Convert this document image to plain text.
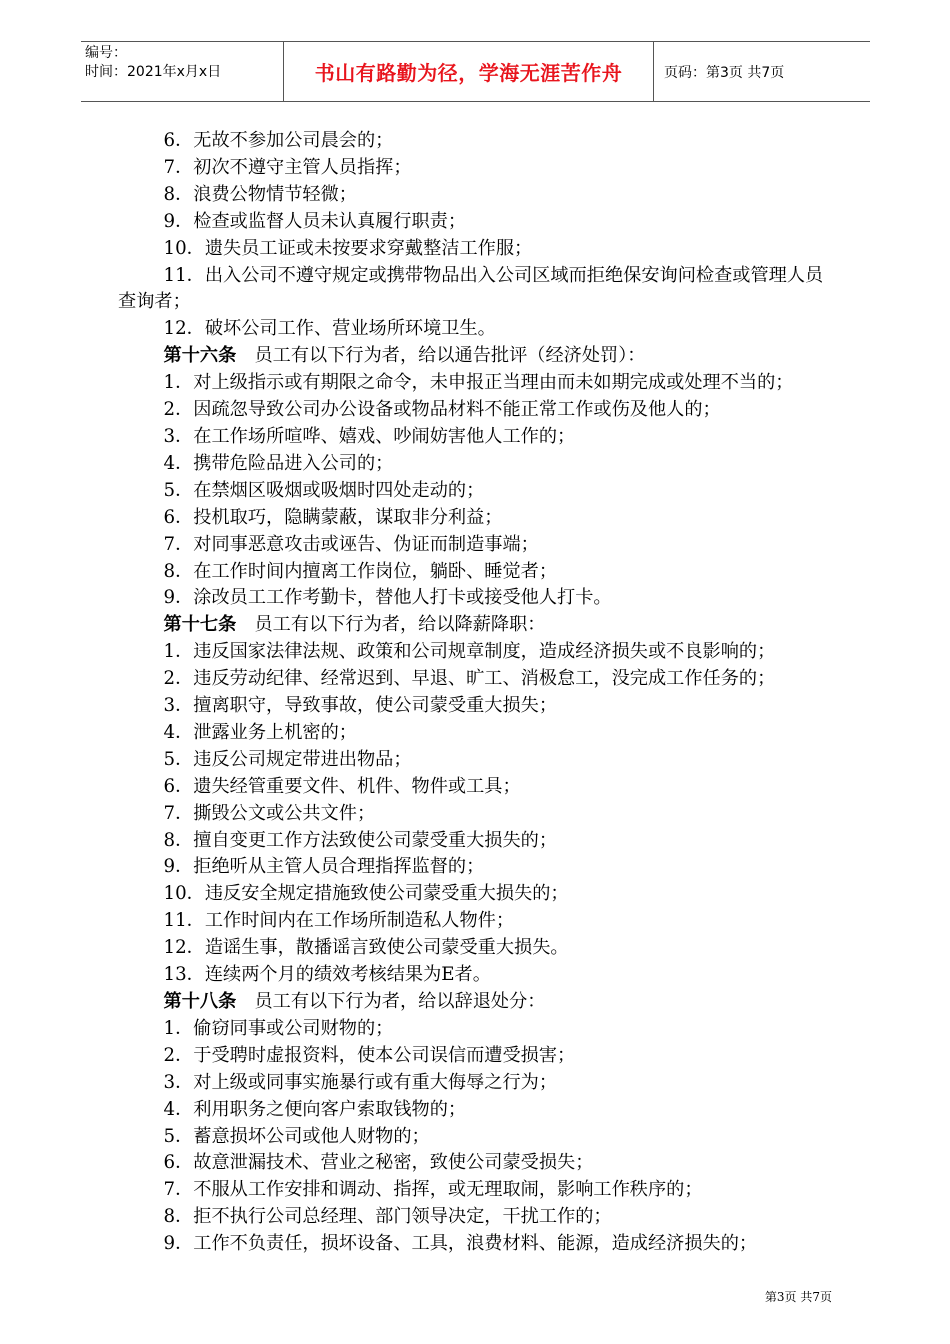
编号：
时间：2021年x月x日	书山有路勤为径，学海无涯苦作舟	页码：第3页 共7页

6．无故不参加公司晨会的；

7．初次不遵守主管人员指挥；

8．浪费公物情节轻微；

9．检查或监督人员未认真履行职责；

10．遗失员工证或未按要求穿戴整洁工作服；

11．出入公司不遵守规定或携带物品出入公司区域而拒绝保安询问检查或管理人员查询者；

12．破坏公司工作、营业场所环境卫生。

第十六条　员工有以下行为者，给以通告批评（经济处罚）：

1．对上级指示或有期限之命令，未申报正当理由而未如期完成或处理不当的；

2．因疏忽导致公司办公设备或物品材料不能正常工作或伤及他人的；

3．在工作场所喧哗、嬉戏、吵闹妨害他人工作的；

4．携带危险品进入公司的；

5．在禁烟区吸烟或吸烟时四处走动的；

6．投机取巧，隐瞒蒙蔽，谋取非分利益；

7．对同事恶意攻击或诬告、伪证而制造事端；

8．在工作时间内擅离工作岗位，躺卧、睡觉者；

9．涂改员工工作考勤卡，替他人打卡或接受他人打卡。

第十七条　员工有以下行为者，给以降薪降职：

1．违反国家法律法规、政策和公司规章制度，造成经济损失或不良影响的；

2．违反劳动纪律、经常迟到、早退、旷工、消极怠工，没完成工作任务的；

3．擅离职守，导致事故，使公司蒙受重大损失；

4．泄露业务上机密的；

5．违反公司规定带进出物品；

6．遗失经管重要文件、机件、物件或工具；

7．撕毁公文或公共文件；

8．擅自变更工作方法致使公司蒙受重大损失的；

9．拒绝听从主管人员合理指挥监督的；

10．违反安全规定措施致使公司蒙受重大损失的；

11．工作时间内在工作场所制造私人物件；

12．造谣生事，散播谣言致使公司蒙受重大损失。

13．连续两个月的绩效考核结果为E者。

第十八条　员工有以下行为者，给以辞退处分：

1．偷窃同事或公司财物的；

2．于受聘时虚报资料，使本公司误信而遭受损害；

3．对上级或同事实施暴行或有重大侮辱之行为；

4．利用职务之便向客户索取钱物的；

5．蓄意损坏公司或他人财物的；

6．故意泄漏技术、营业之秘密，致使公司蒙受损失；

7．不服从工作安排和调动、指挥，或无理取闹，影响工作秩序的；

8．拒不执行公司总经理、部门领导决定，干扰工作的；

9．工作不负责任，损坏设备、工具，浪费材料、能源，造成经济损失的；

第3页 共7页
